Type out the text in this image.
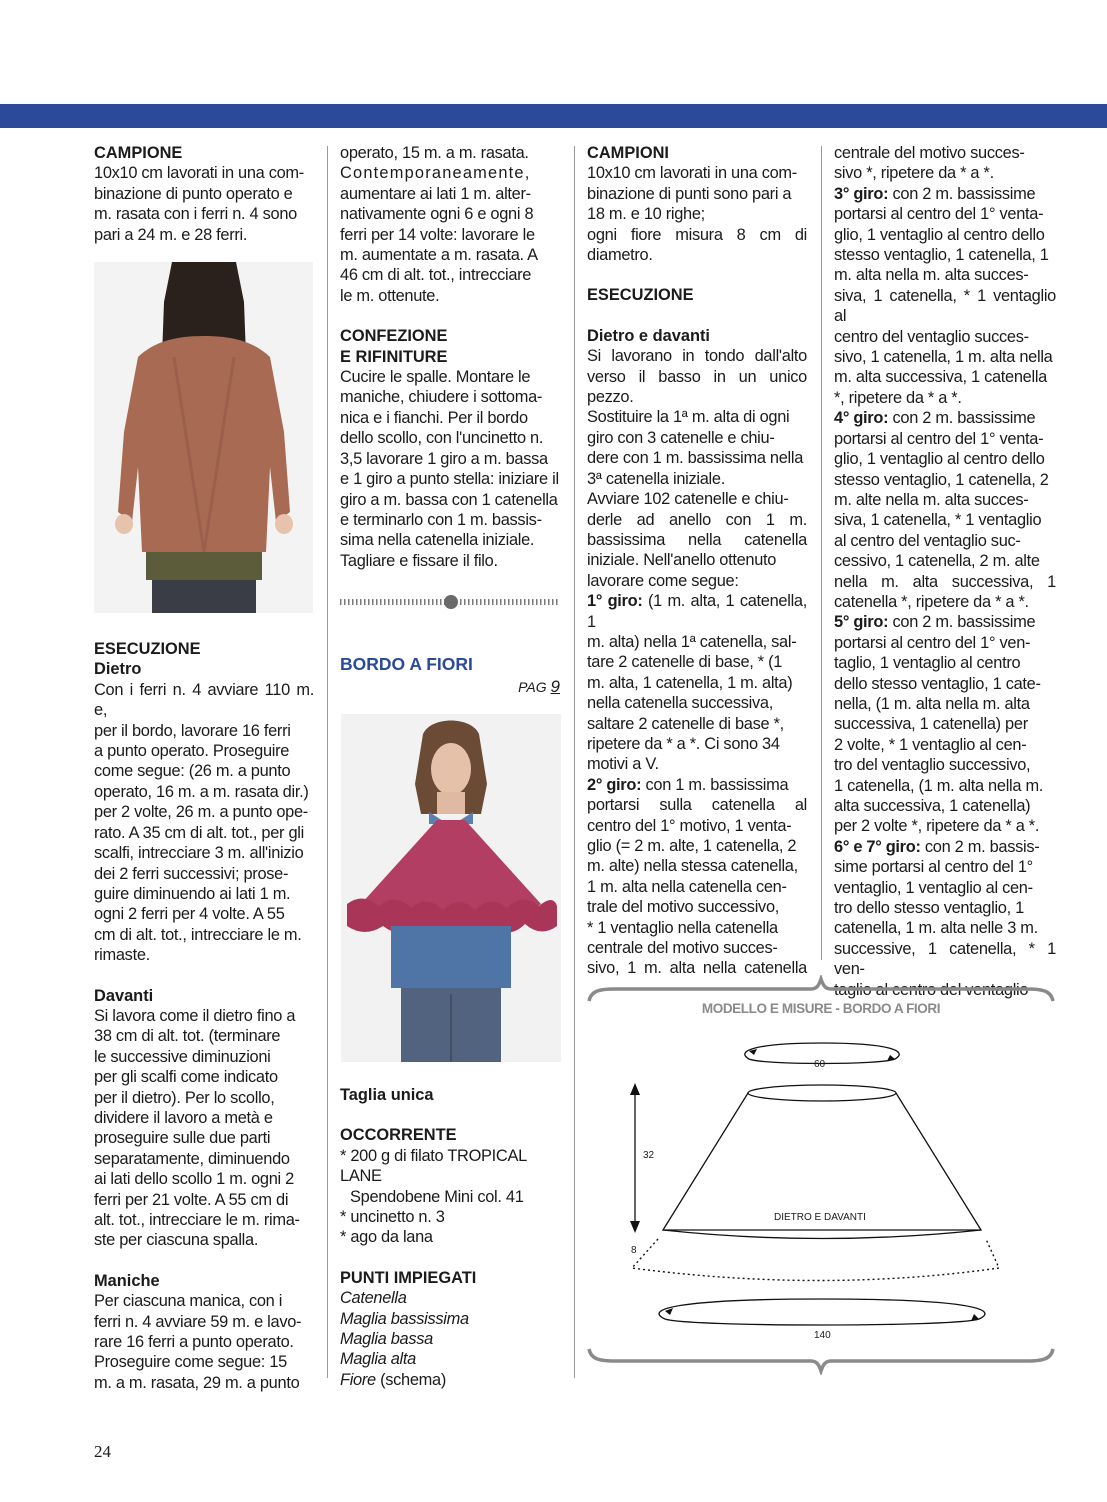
CAMPIONE

10x10 cm lavorati in una com-

binazione di punto operato e

m. rasata con i ferri n. 4 sono

pari a 24 m. e 28 ferri.

ESECUZIONE

Dietro

Con i ferri n. 4 avviare 110 m. e,

per il bordo, lavorare 16 ferri

a punto operato. Proseguire

come segue: (26 m. a punto

operato, 16 m. a m. rasata dir.)

per 2 volte, 26 m. a punto ope-

rato. A 35 cm di alt. tot., per gli

scalfi, intrecciare 3 m. all'inizio

dei 2 ferri successivi; prose-

guire diminuendo ai lati 1 m.

ogni 2 ferri per 4 volte. A 55

cm di alt. tot., intrecciare le m.

rimaste.

Davanti

Si lavora come il dietro fino a

38 cm di alt. tot. (terminare

le successive diminuzioni

per gli scalfi come indicato

per il dietro). Per lo scollo,

dividere il lavoro a metà e

proseguire sulle due parti

separatamente, diminuendo

ai lati dello scollo 1 m. ogni 2

ferri per 21 volte. A 55 cm di

alt. tot., intrecciare le m. rima-

ste per ciascuna spalla.

Maniche

Per ciascuna manica, con i

ferri n. 4 avviare 59 m. e lavo-

rare 16 ferri a punto operato.

Proseguire come segue: 15

m. a m. rasata, 29 m. a punto

operato, 15 m. a m. rasata.

Contemporaneamente,

aumentare ai lati 1 m. alter-

nativamente ogni 6 e ogni 8

ferri per 14 volte: lavorare le

m. aumentate a m. rasata. A

46 cm di alt. tot., intrecciare

le m. ottenute.

CONFEZIONE

E RIFINITURE

Cucire le spalle. Montare le

maniche, chiudere i sottoma-

nica e i fianchi. Per il bordo

dello scollo, con l'uncinetto n.

3,5 lavorare 1 giro a m. bassa

e 1 giro a punto stella: iniziare il

giro a m. bassa con 1 catenella

e terminarlo con 1 m. bassis-

sima nella catenella iniziale.

Tagliare e fissare il filo.

BORDO A FIORI
PAG 9

Taglia unica

OCCORRENTE

* 200 g di filato TROPICAL LANE

Spendobene Mini col. 41

* uncinetto n. 3

* ago da lana

PUNTI IMPIEGATI

Catenella

Maglia bassissima

Maglia bassa

Maglia alta

Fiore (schema)

CAMPIONI

10x10 cm lavorati in una com-

binazione di punti sono pari a

18 m. e 10 righe;

ogni fiore misura 8 cm di

diametro.

ESECUZIONE

Dietro e davanti

Si lavorano in tondo dall'alto

verso il basso in un unico

pezzo.

Sostituire la 1ª m. alta di ogni

giro con 3 catenelle e chiu-

dere con 1 m. bassissima nella

3ª catenella iniziale.

Avviare 102 catenelle e chiu-

derle ad anello con 1 m.

bassissima nella catenella

iniziale. Nell'anello ottenuto

lavorare come segue:

1° giro: (1 m. alta, 1 catenella, 1

m. alta) nella 1ª catenella, sal-

tare 2 catenelle di base, * (1

m. alta, 1 catenella, 1 m. alta)

nella catenella successiva,

saltare 2 catenelle di base *,

ripetere da * a *. Ci sono 34

motivi a V.

2° giro: con 1 m. bassissima

portarsi sulla catenella al

centro del 1° motivo, 1 venta-

glio (= 2 m. alte, 1 catenella, 2

m. alte) nella stessa catenella,

1 m. alta nella catenella cen-

trale del motivo successivo,

* 1 ventaglio nella catenella

centrale del motivo succes-

sivo, 1 m. alta nella catenella

centrale del motivo succes-

sivo *, ripetere da * a *.

3° giro: con 2 m. bassissime

portarsi al centro del 1° venta-

glio, 1 ventaglio al centro dello

stesso ventaglio, 1 catenella, 1

m. alta nella m. alta succes-

siva, 1 catenella, * 1 ventaglio al

centro del ventaglio succes-

sivo, 1 catenella, 1 m. alta nella

m. alta successiva, 1 catenella

*, ripetere da * a *.

4° giro: con 2 m. bassissime

portarsi al centro del 1° venta-

glio, 1 ventaglio al centro dello

stesso ventaglio, 1 catenella, 2

m. alte nella m. alta succes-

siva, 1 catenella, * 1 ventaglio

al centro del ventaglio suc-

cessivo, 1 catenella, 2 m. alte

nella m. alta successiva, 1

catenella *, ripetere da * a *.

5° giro: con 2 m. bassissime

portarsi al centro del 1° ven-

taglio, 1 ventaglio al centro

dello stesso ventaglio, 1 cate-

nella, (1 m. alta nella m. alta

successiva, 1 catenella) per

2 volte, * 1 ventaglio al cen-

tro del ventaglio successivo,

1 catenella, (1 m. alta nella m.

alta successiva, 1 catenella)

per 2 volte *, ripetere da * a *.

6° e 7° giro: con 2 m. bassis-

sime portarsi al centro del 1°

ventaglio, 1 ventaglio al cen-

tro dello stesso ventaglio, 1

catenella, 1 m. alta nelle 3 m.

successive, 1 catenella, * 1 ven-

taglio al centro del ventaglio

MODELLO E MISURE - BORDO A FIORI
60
32
8
DIETRO E DAVANTI
140
24
